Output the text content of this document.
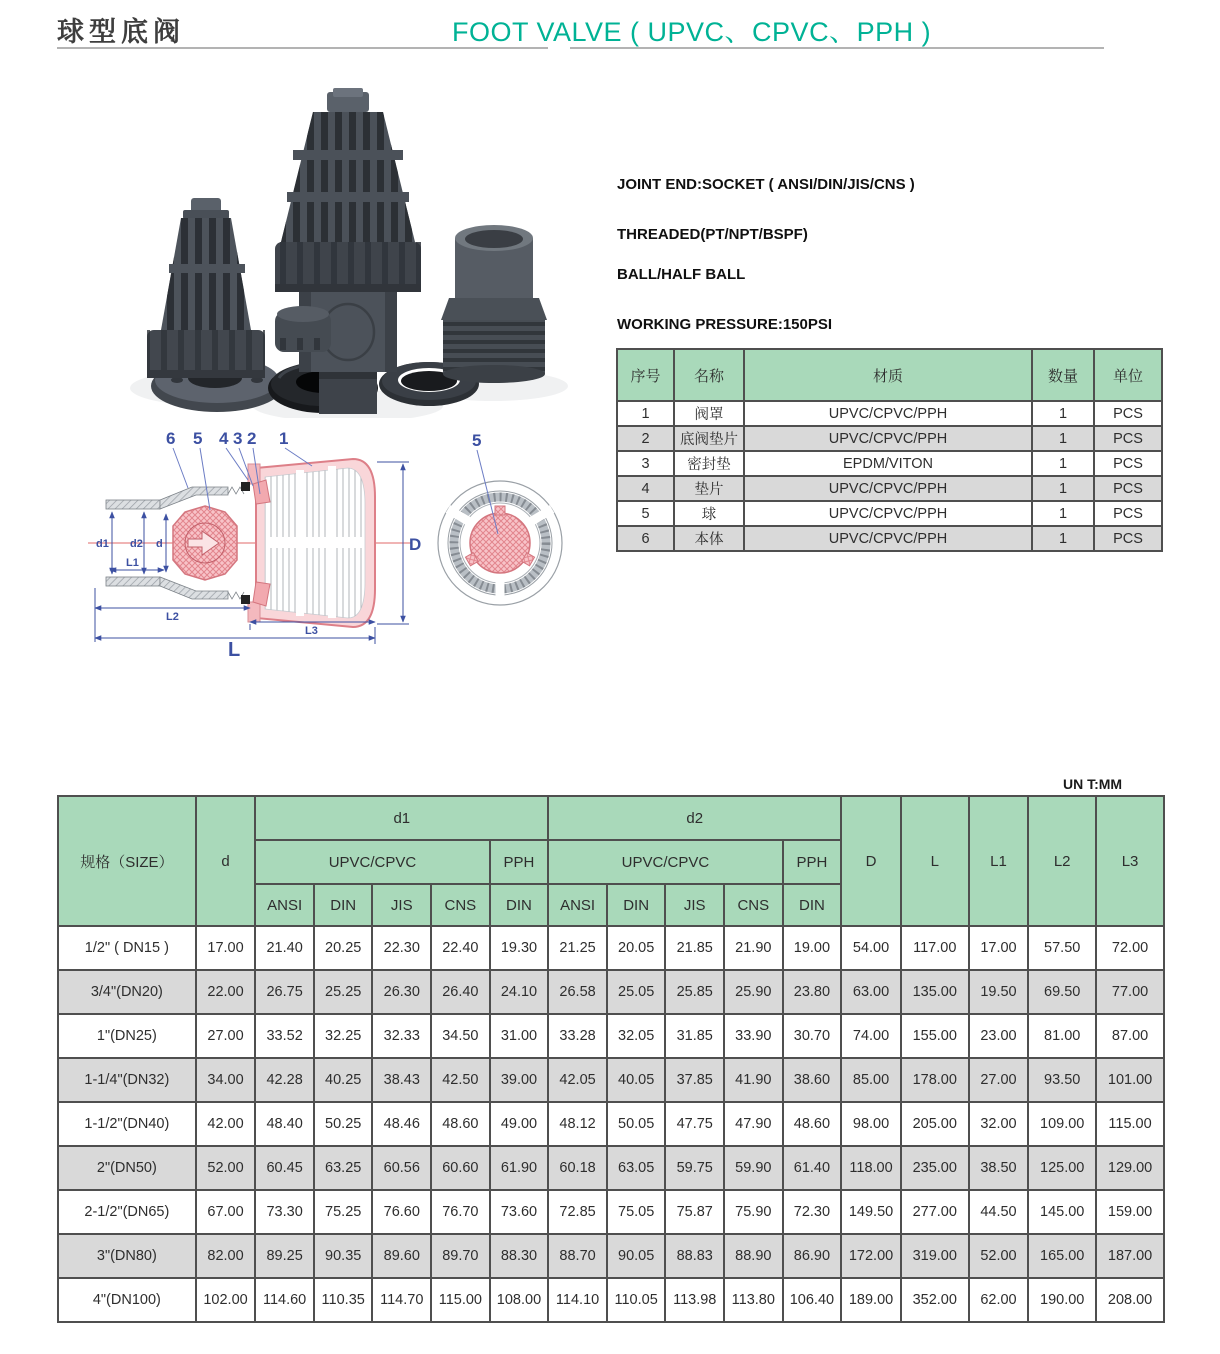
球型底阀	FOOT VALVE ( UPVC、CPVC、PPH )
JOINT END:SOCKET ( ANSI/DIN/JIS/CNS )
THREADED(PT/NPT/BSPF)
BALL/HALF BALL
WORKING PRESSURE:150PSI
序号	名称	材质	数量	单位
1	阀罩	UPVC/CPVC/PPH	1	PCS
2	底阀垫片	UPVC/CPVC/PPH	1	PCS
3	密封垫	EPDM/VITON	1	PCS
4	垫片	UPVC/CPVC/PPH	1	PCS
5	球	UPVC/CPVC/PPH	1	PCS
6	本体	UPVC/CPVC/PPH	1	PCS
6 5 4 3 2 1
d1 d2 d
L1
L2
L3
L
D
5
UN T:MM
规格（SIZE）	d	d1					d2					D	L	L1	L2	L3
		UPVC/CPVC				PPH	UPVC/CPVC				PPH					
		ANSI	DIN	JIS	CNS	DIN	ANSI	DIN	JIS	CNS	DIN					
1/2" ( DN15 )	17.00	21.40	20.25	22.30	22.40	19.30	21.25	20.05	21.85	21.90	19.00	54.00	117.00	17.00	57.50	72.00
3/4"(DN20)	22.00	26.75	25.25	26.30	26.40	24.10	26.58	25.05	25.85	25.90	23.80	63.00	135.00	19.50	69.50	77.00
1"(DN25)	27.00	33.52	32.25	32.33	34.50	31.00	33.28	32.05	31.85	33.90	30.70	74.00	155.00	23.00	81.00	87.00
1-1/4"(DN32)	34.00	42.28	40.25	38.43	42.50	39.00	42.05	40.05	37.85	41.90	38.60	85.00	178.00	27.00	93.50	101.00
1-1/2"(DN40)	42.00	48.40	50.25	48.46	48.60	49.00	48.12	50.05	47.75	47.90	48.60	98.00	205.00	32.00	109.00	115.00
2"(DN50)	52.00	60.45	63.25	60.56	60.60	61.90	60.18	63.05	59.75	59.90	61.40	118.00	235.00	38.50	125.00	129.00
2-1/2"(DN65)	67.00	73.30	75.25	76.60	76.70	73.60	72.85	75.05	75.87	75.90	72.30	149.50	277.00	44.50	145.00	159.00
3"(DN80)	82.00	89.25	90.35	89.60	89.70	88.30	88.70	90.05	88.83	88.90	86.90	172.00	319.00	52.00	165.00	187.00
4"(DN100)	102.00	114.60	110.35	114.70	115.00	108.00	114.10	110.05	113.98	113.80	106.40	189.00	352.00	62.00	190.00	208.00
